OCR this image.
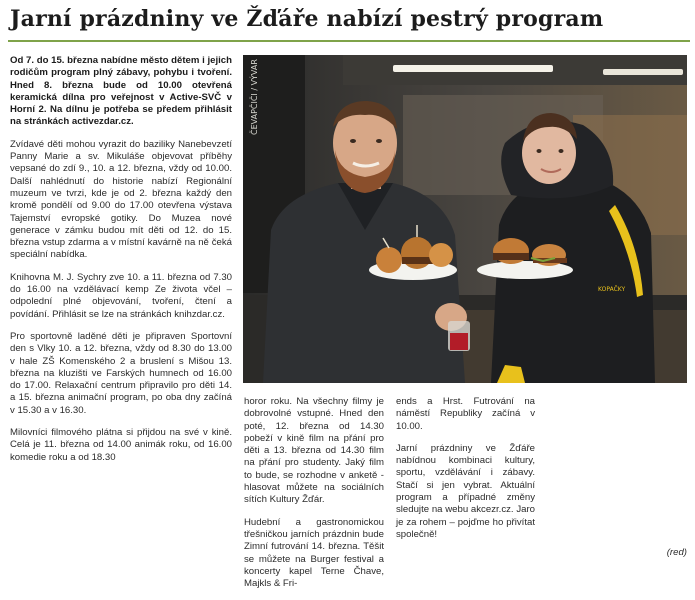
Jarní prázdniny ve Žďáře nabízí pestrý program

Od 7. do 15. března nabídne město dětem i jejich rodičům program plný zábavy, pohybu i tvoření. Hned 8. března bude od 10.00 otevřená keramická dílna pro veřejnost v Active-SVČ v Horní 2. Na dílnu je potřeba se předem přihlásit na stránkách activezdar.cz.

Zvídavé děti mohou vyrazit do baziliky Nanebevzetí Panny Marie a sv. Mikuláše objevovat příběhy vepsané do zdí 9., 10. a 12. března, vždy od 10.00. Další nahlédnutí do historie nabízí Regionální muzeum ve tvrzi, kde je od 2. března každý den kromě pondělí od 9.00 do 17.00 otevřena výstava Tajemství evropské gotiky. Do Muzea nové generace v zámku budou mít děti od 12. do 15. března vstup zdarma a v místní kavárně na ně čeká speciální nabídka.

Knihovna M. J. Sychry zve 10. a 11. března od 7.30 do 16.00 na vzdělávací kemp Ze života včel – odpolední plné objevování, tvoření, čtení a povídání. Přihlásit se lze na stránkách knihzdar.cz.

Pro sportovně laděné děti je připraven Sportovní den s Vlky 10. a 12. března, vždy od 8.30 do 13.00 v hale ZŠ Komenského 2 a bruslení s Mišou 13. března na kluzišti ve Farských humnech od 16.00 do 17.00. Relaxační centrum připravilo pro děti 14. a 15. března animační program, po oba dny začíná v 15.30 a v 16.30.

Milovníci filmového plátna si přijdou na své v kině. Celá je 11. března od 14.00 animák roku, od 16.00 komedie roku a od 18.30

horor roku. Na všechny filmy je dobrovolné vstupné. Hned den poté, 12. března od 14.30 pobeží v kině film na přání pro děti a 13. března od 14.30 film na přání pro studenty. Jaký film to bude, se rozhodne v anketě - hlasovat můžete na sociálních sítích Kultury Žďár.

Hudební a gastronomickou třešničkou jarních prázdnin bude Zimní futrování 14. března. Těšit se můžete na Burger festival a koncerty kapel Terne Čhave, Majkls & Fri-

ends a Hrst. Futrování na náměstí Republiky začíná v 10.00.

Jarní prázdniny ve Žďáře nabídnou kombinaci kultury, sportu, vzdělávání i zábavy. Stačí si jen vybrat. Aktuální program a případné změny sledujte na webu akcezr.cz. Jaro je za rohem – pojďme ho přivítat společně!

(red)
ČEVAPČIČI / VÝVAR
KOPAČKY
